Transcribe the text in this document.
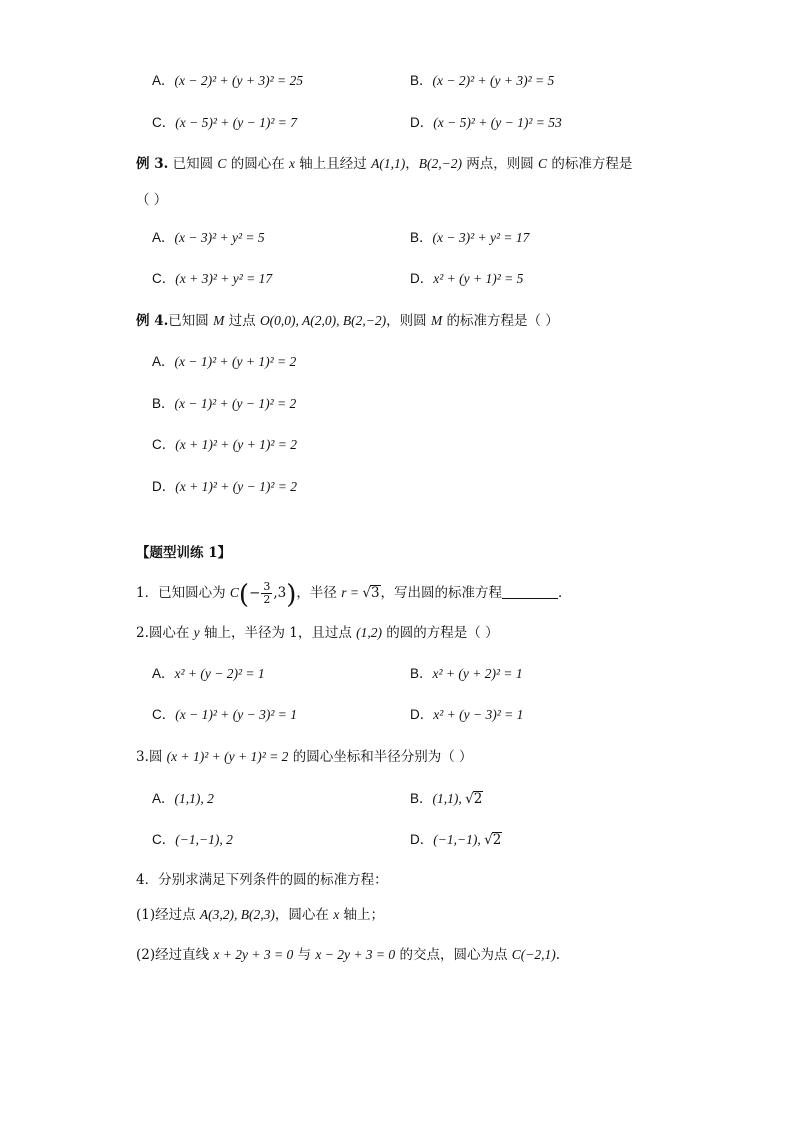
A．(x − 2)² + (y + 3)² = 25	B．(x − 2)² + (y + 3)² = 5
C．(x − 5)² + (y − 1)² = 7	D．(x − 5)² + (y − 1)² = 53
例 3. 已知圆 C 的圆心在 x 轴上且经过 A(1,1)，B(2,−2) 两点，则圆 C 的标准方程是
（ ）
A．(x − 3)² + y² = 5	B．(x − 3)² + y² = 17
C．(x + 3)² + y² = 17	D．x² + (y + 1)² = 5
例 4.已知圆 M 过点 O(0,0), A(2,0), B(2,−2)，则圆 M 的标准方程是（ ）
A．(x − 1)² + (y + 1)² = 2
B．(x − 1)² + (y − 1)² = 2
C．(x + 1)² + (y + 1)² = 2
D．(x + 1)² + (y − 1)² = 2
【题型训练 1】
1．已知圆心为 $C(- \frac{3}{2} ,3)$，半径 r = √3，写出圆的标准方程	．
2.圆心在 y 轴上，半径为 1，且过点 (1,2) 的圆的方程是（ ）
A．x² + (y − 2)² = 1	B．x² + (y + 2)² = 1
C．(x − 1)² + (y − 3)² = 1	D．x² + (y − 3)² = 1
3.圆 (x + 1)² + (y + 1)² = 2 的圆心坐标和半径分别为（ ）
A．(1,1), 2	B．(1,1), √2
C．(−1,−1), 2	D．(−1,−1), √2
4．分别求满足下列条件的圆的标准方程：
(1)经过点 A(3,2), B(2,3)，圆心在 x 轴上；
(2)经过直线 x + 2y + 3 = 0 与 x − 2y + 3 = 0 的交点，圆心为点 C(−2,1).
